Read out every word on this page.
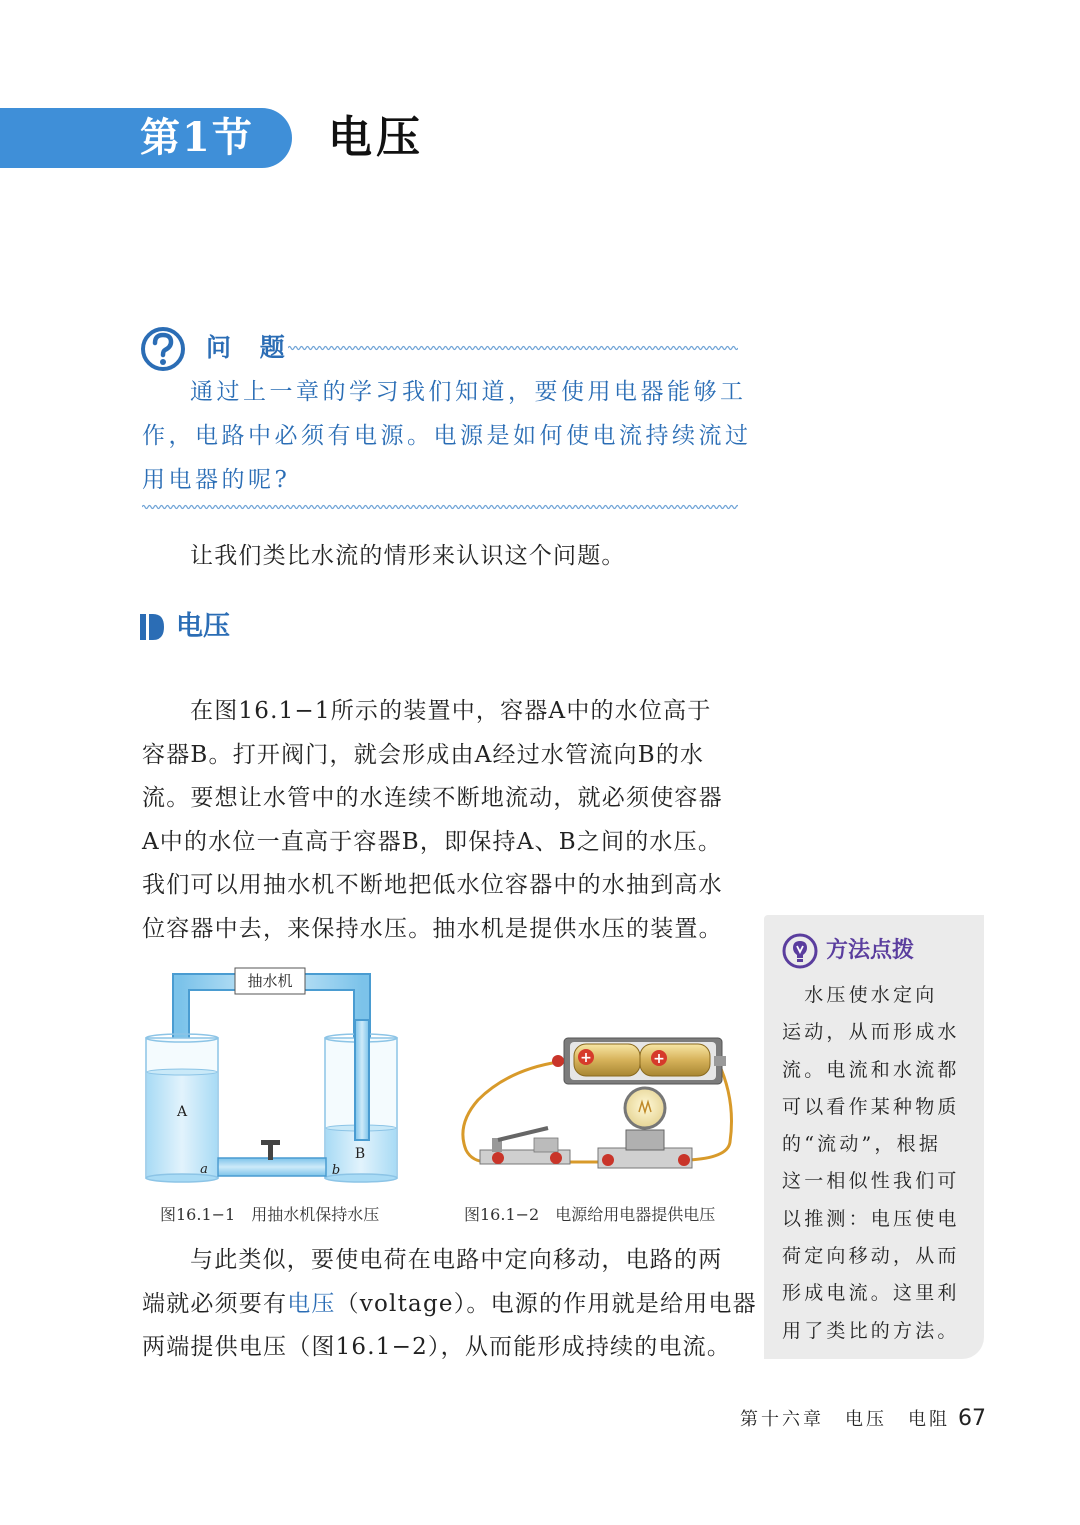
第1节 电压
问 题
通过上一章的学习我们知道，要使用电器能够工
作，电路中必须有电源。电源是如何使电流持续流过
用电器的呢?
让我们类比水流的情形来认识这个问题。
电压
在图16.1−1所示的装置中，容器A中的水位高于
容器B。打开阀门，就会形成由A经过水管流向B的水
流。要想让水管中的水连续不断地流动，就必须使容器
A中的水位一直高于容器B，即保持A、B之间的水压。
我们可以用抽水机不断地把低水位容器中的水抽到高水
位容器中去，来保持水压。抽水机是提供水压的装置。
抽水机
A
B
a	b
图16.1−1　用抽水机保持水压
+	+
图16.1−2　电源给用电器提供电压
与此类似，要使电荷在电路中定向移动，电路的两
端就必须要有电压（voltage）。电源的作用就是给用电器
两端提供电压（图16.1−2），从而能形成持续的电流。
方法点拨
　水压使水定向
运动，从而形成水
流。电流和水流都
可以看作某种物质
的“流动”，根据
这一相似性我们可
以推测：电压使电
荷定向移动，从而
形成电流。这里利
用了类比的方法。
第十六章　电压　电阻 67
